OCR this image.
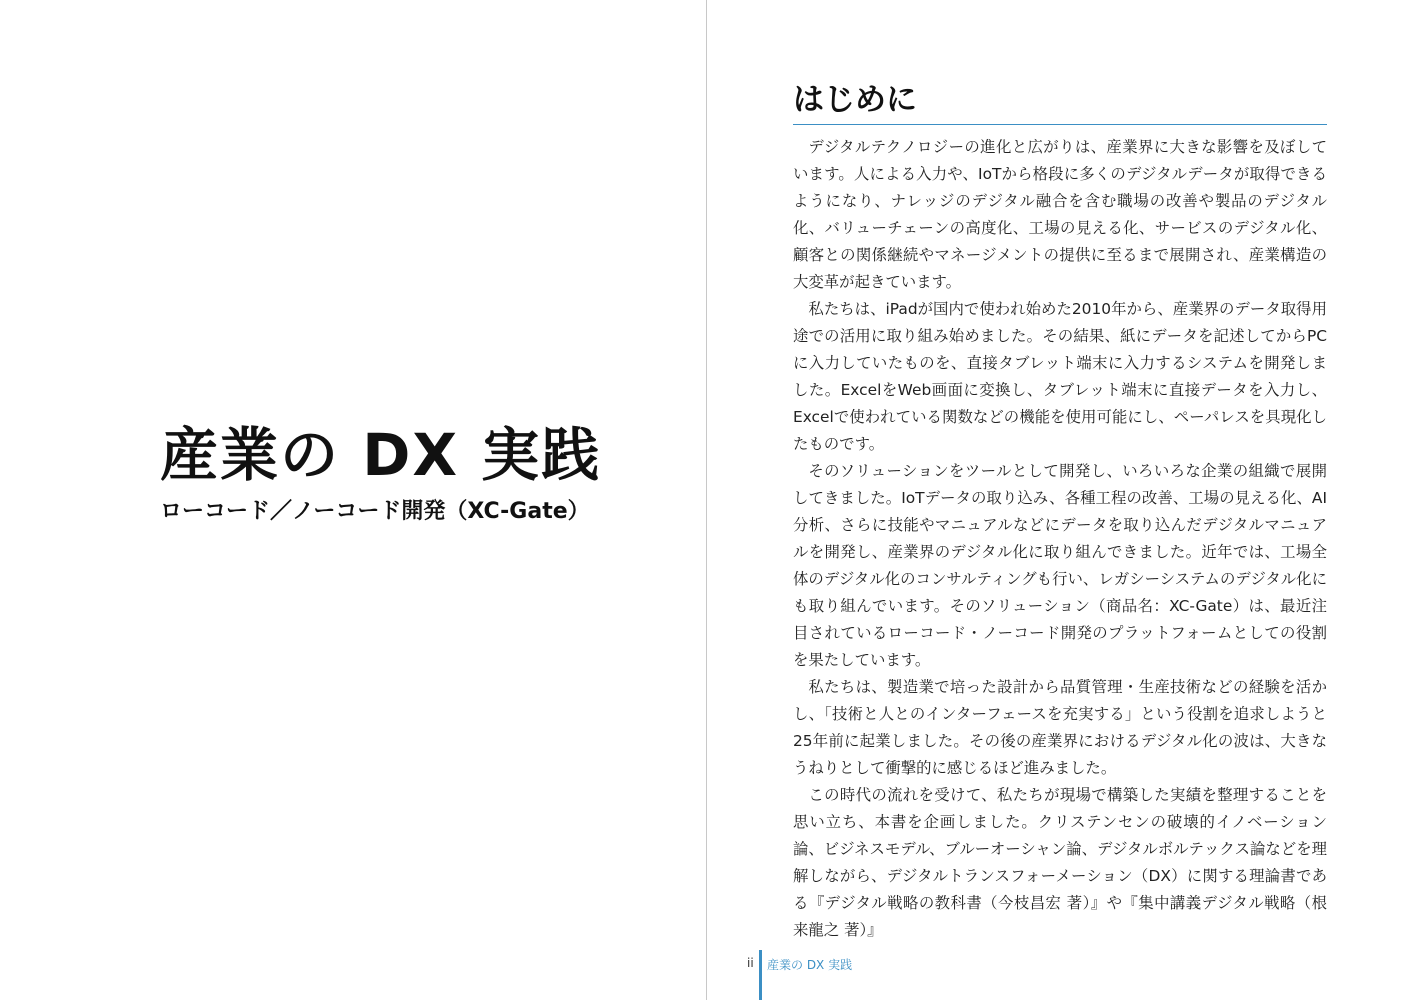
産業の DX 実践
ローコード／ノーコード開発（XC-Gate）
はじめに

デジタルテクノロジーの進化と広がりは、産業界に大きな影響を及ぼしています。人による入力や、IoTから格段に多くのデジタルデータが取得できるようになり、ナレッジのデジタル融合を含む職場の改善や製品のデジタル化、バリューチェーンの高度化、工場の見える化、サービスのデジタル化、顧客との関係継続やマネージメントの提供に至るまで展開され、産業構造の大変革が起きています。

私たちは、iPadが国内で使われ始めた2010年から、産業界のデータ取得用途での活用に取り組み始めました。その結果、紙にデータを記述してからPCに入力していたものを、直接タブレット端末に入力するシステムを開発しました。ExcelをWeb画面に変換し、タブレット端末に直接データを入力し、Excelで使われている関数などの機能を使用可能にし、ペーパレスを具現化したものです。

そのソリューションをツールとして開発し、いろいろな企業の組織で展開してきました。IoTデータの取り込み、各種工程の改善、工場の見える化、AI分析、さらに技能やマニュアルなどにデータを取り込んだデジタルマニュアルを開発し、産業界のデジタル化に取り組んできました。近年では、工場全体のデジタル化のコンサルティングも行い、レガシーシステムのデジタル化にも取り組んでいます。そのソリューション（商品名：XC-Gate）は、最近注目されているローコード・ノーコード開発のプラットフォームとしての役割を果たしています。

私たちは、製造業で培った設計から品質管理・生産技術などの経験を活かし、「技術と人とのインターフェースを充実する」という役割を追求しようと25年前に起業しました。その後の産業界におけるデジタル化の波は、大きなうねりとして衝撃的に感じるほど進みました。

この時代の流れを受けて、私たちが現場で構築した実績を整理することを思い立ち、本書を企画しました。クリステンセンの破壊的イノベーション論、ビジネスモデル、ブルーオーシャン論、デジタルボルテックス論などを理解しながら、デジタルトランスフォーメーション（DX）に関する理論書である『デジタル戦略の教科書（今枝昌宏 著）』や『集中講義デジタル戦略（根来龍之 著）』

ii 産業の DX 実践
